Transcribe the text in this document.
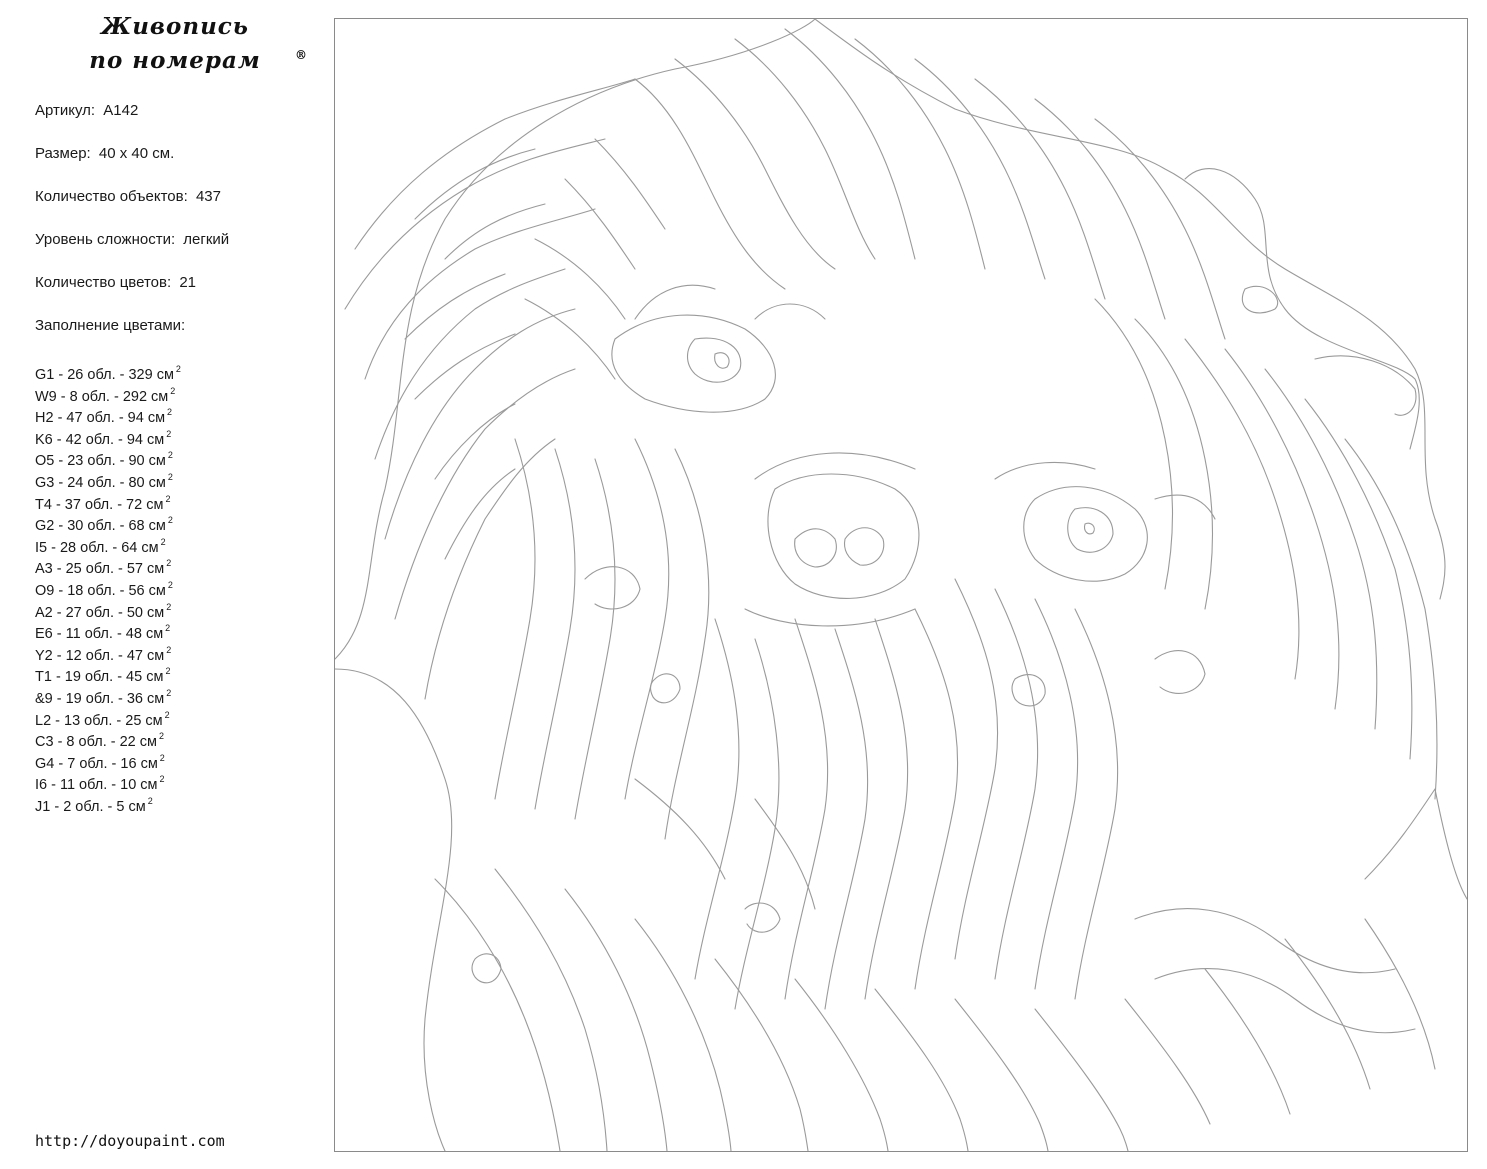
Живопись
по номерам	®
Артикул: A142
Размер: 40 x 40 см.
Количество объектов: 437
Уровень сложности: легкий
Количество цветов: 21
Заполнение цветами:
G1 - 26 обл. - 329 см $^2$
W9 - 8 обл. - 292 см $^2$
H2 - 47 обл. - 94 см $^2$
K6 - 42 обл. - 94 см $^2$
O5 - 23 обл. - 90 см $^2$
G3 - 24 обл. - 80 см $^2$
T4 - 37 обл. - 72 см $^2$
G2 - 30 обл. - 68 см $^2$
I5 - 28 обл. - 64 см $^2$
A3 - 25 обл. - 57 см $^2$
O9 - 18 обл. - 56 см $^2$
A2 - 27 обл. - 50 см $^2$
E6 - 11 обл. - 48 см $^2$
Y2 - 12 обл. - 47 см $^2$
T1 - 19 обл. - 45 см $^2$
&9 - 19 обл. - 36 см $^2$
L2 - 13 обл. - 25 см $^2$
C3 - 8 обл. - 22 см $^2$
G4 - 7 обл. - 16 см $^2$
I6 - 11 обл. - 10 см $^2$
J1 - 2 обл. - 5 см $^2$
http://doyoupaint.com
